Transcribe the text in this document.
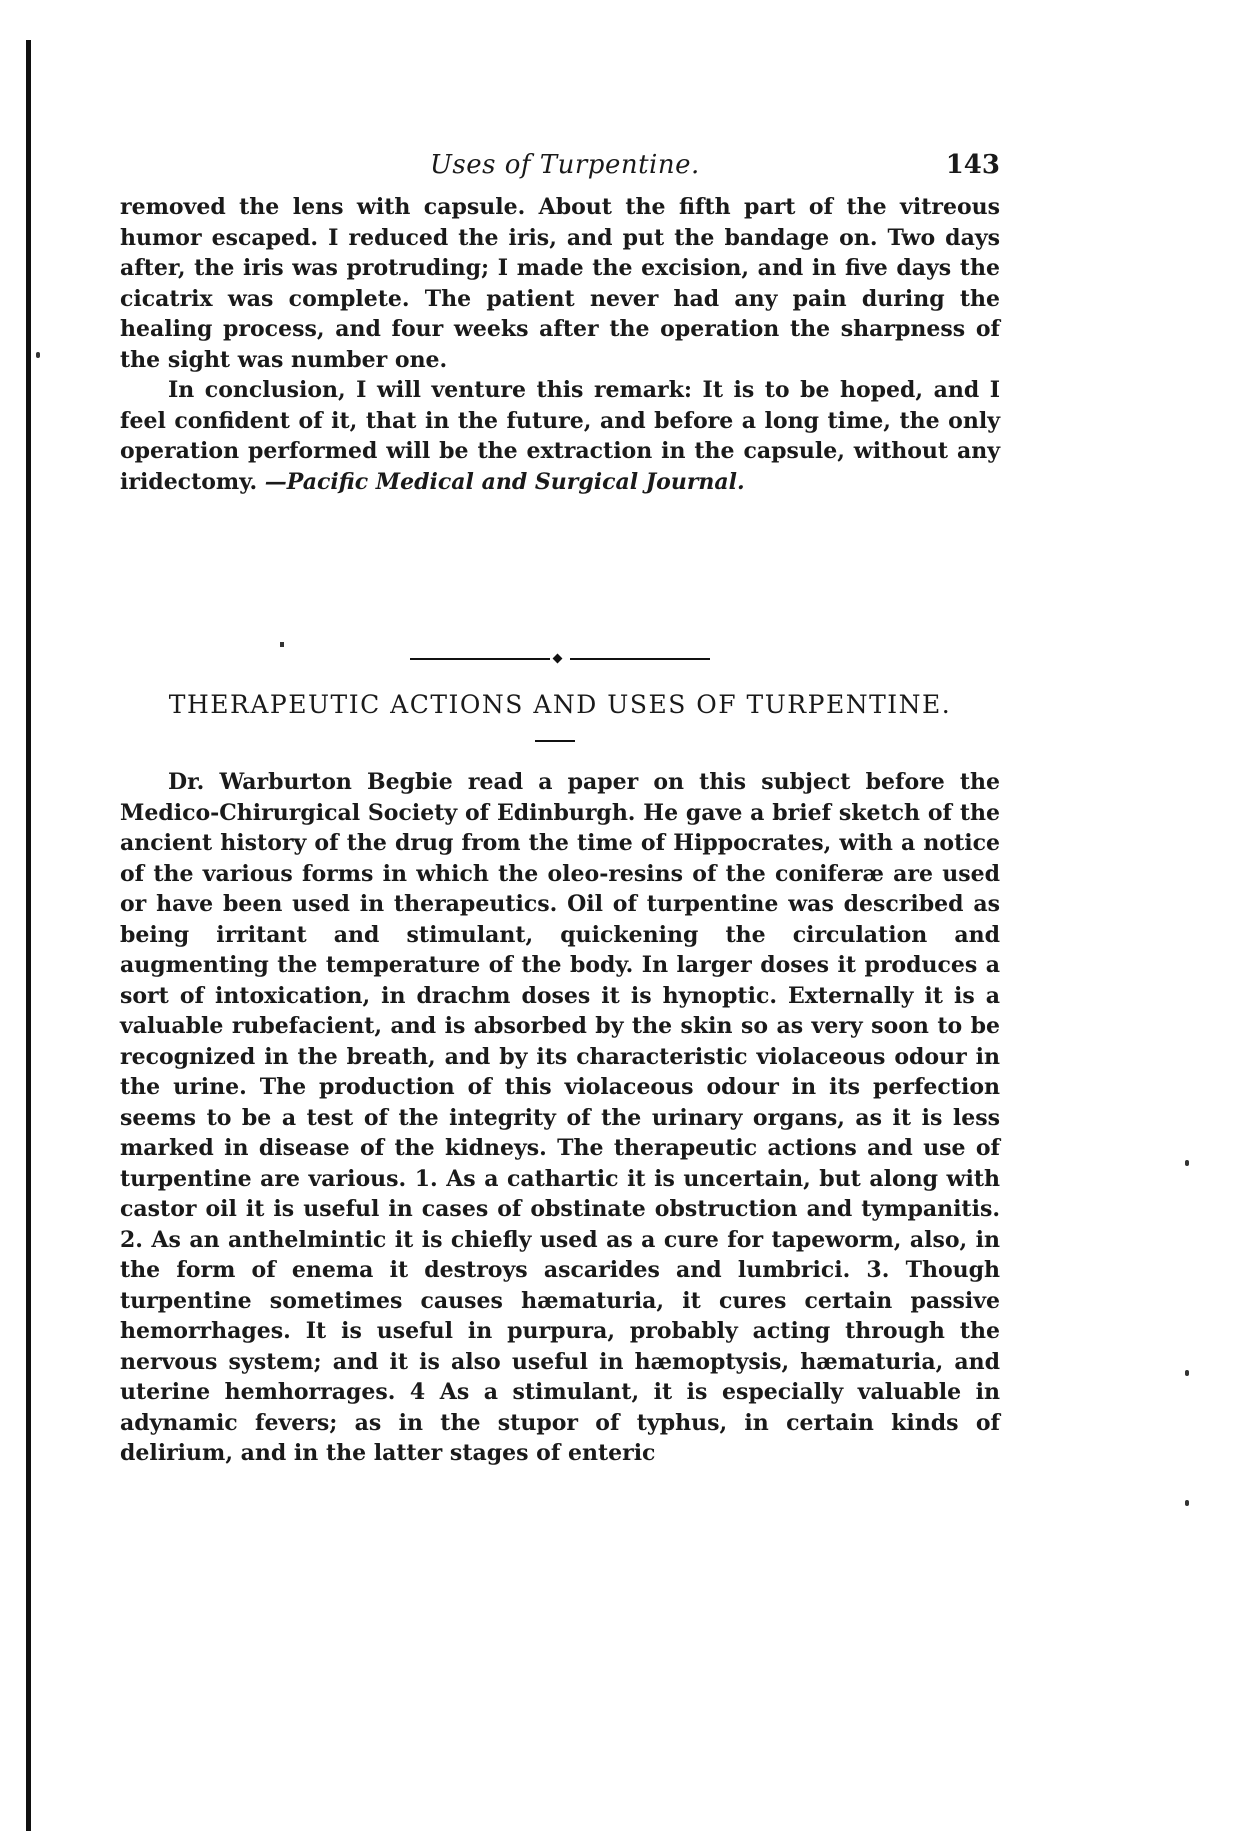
Uses of Turpentine.	143

removed the lens with capsule. About the fifth part of the vitreous humor escaped. I reduced the iris, and put the bandage on. Two days after, the iris was protruding; I made the excision, and in five days the cicatrix was complete. The patient never had any pain during the healing process, and four weeks after the operation the sharpness of the sight was number one.

In conclusion, I will venture this remark: It is to be hoped, and I feel confident of it, that in the future, and before a long time, the only operation performed will be the extraction in the capsule, without any iridectomy. —Pacific Medical and Surgical Journal.

THERAPEUTIC ACTIONS AND USES OF TURPENTINE.

Dr. Warburton Begbie read a paper on this subject before the Medico-Chirurgical Society of Edinburgh. He gave a brief sketch of the ancient history of the drug from the time of Hippocrates, with a notice of the various forms in which the oleo-resins of the coniferæ are used or have been used in therapeutics. Oil of turpentine was described as being irritant and stimulant, quickening the circulation and augmenting the temperature of the body. In larger doses it produces a sort of intoxication, in drachm doses it is hynoptic. Externally it is a valuable rubefacient, and is absorbed by the skin so as very soon to be recognized in the breath, and by its characteristic violaceous odour in the urine. The production of this violaceous odour in its perfection seems to be a test of the integrity of the urinary organs, as it is less marked in disease of the kidneys. The therapeutic actions and use of turpentine are various. 1. As a cathartic it is uncertain, but along with castor oil it is useful in cases of obstinate obstruction and tympanitis. 2. As an anthelmintic it is chiefly used as a cure for tapeworm, also, in the form of enema it destroys ascarides and lumbrici. 3. Though turpentine sometimes causes hæmaturia, it cures certain passive hemorrhages. It is useful in purpura, probably acting through the nervous system; and it is also useful in hæmoptysis, hæmaturia, and uterine hemhorrages. 4 As a stimulant, it is especially valuable in adynamic fevers; as in the stupor of typhus, in certain kinds of delirium, and in the latter stages of enteric
